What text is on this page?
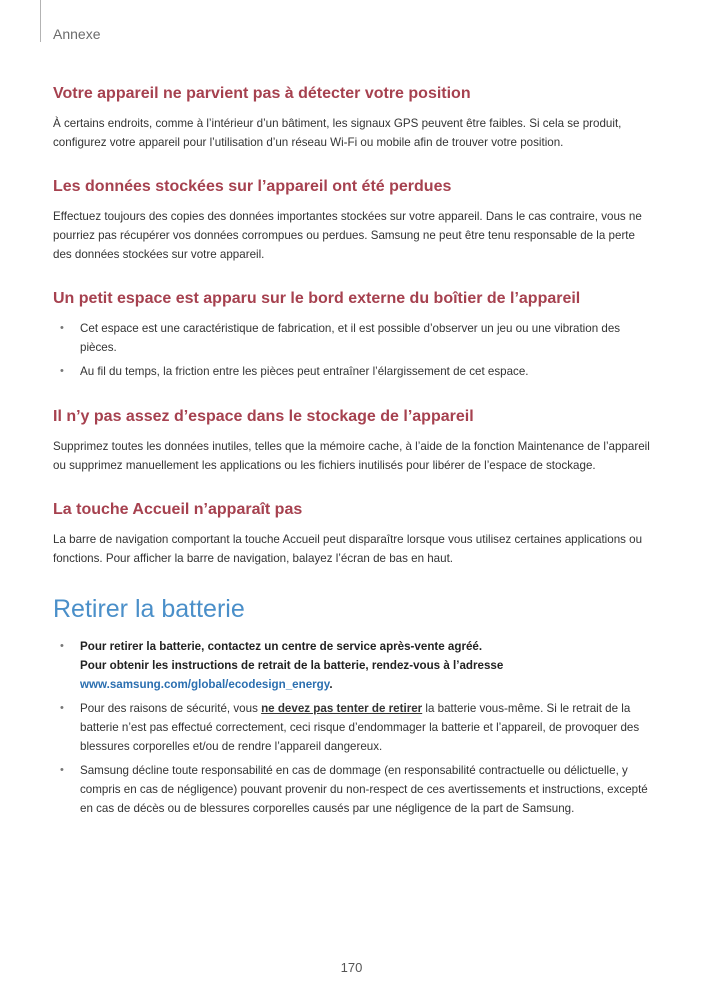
Annexe
Votre appareil ne parvient pas à détecter votre position

À certains endroits, comme à l’intérieur d’un bâtiment, les signaux GPS peuvent être faibles. Si cela se produit, configurez votre appareil pour l’utilisation d’un réseau Wi-Fi ou mobile afin de trouver votre position.

Les données stockées sur l’appareil ont été perdues

Effectuez toujours des copies des données importantes stockées sur votre appareil. Dans le cas contraire, vous ne pourriez pas récupérer vos données corrompues ou perdues. Samsung ne peut être tenu responsable de la perte des données stockées sur votre appareil.

Un petit espace est apparu sur le bord externe du boîtier de l’appareil
• Cet espace est une caractéristique de fabrication, et il est possible d’observer un jeu ou une vibration des pièces.
• Au fil du temps, la friction entre les pièces peut entraîner l’élargissement de cet espace.
Il n’y pas assez d’espace dans le stockage de l’appareil

Supprimez toutes les données inutiles, telles que la mémoire cache, à l’aide de la fonction Maintenance de l’appareil ou supprimez manuellement les applications ou les fichiers inutilisés pour libérer de l’espace de stockage.

La touche Accueil n’apparaît pas

La barre de navigation comportant la touche Accueil peut disparaître lorsque vous utilisez certaines applications ou fonctions. Pour afficher la barre de navigation, balayez l’écran de bas en haut.

Retirer la batterie
• Pour retirer la batterie, contactez un centre de service après-vente agréé.
Pour obtenir les instructions de retrait de la batterie, rendez-vous à l’adresse
www.samsung.com/global/ecodesign_energy.
• Pour des raisons de sécurité, vous ne devez pas tenter de retirer la batterie vous-même. Si le retrait de la batterie n’est pas effectué correctement, ceci risque d’endommager la batterie et l’appareil, de provoquer des blessures corporelles et/ou de rendre l’appareil dangereux.
• Samsung décline toute responsabilité en cas de dommage (en responsabilité contractuelle ou délictuelle, y compris en cas de négligence) pouvant provenir du non-respect de ces avertissements et instructions, excepté en cas de décès ou de blessures corporelles causés par une négligence de la part de Samsung.
170
